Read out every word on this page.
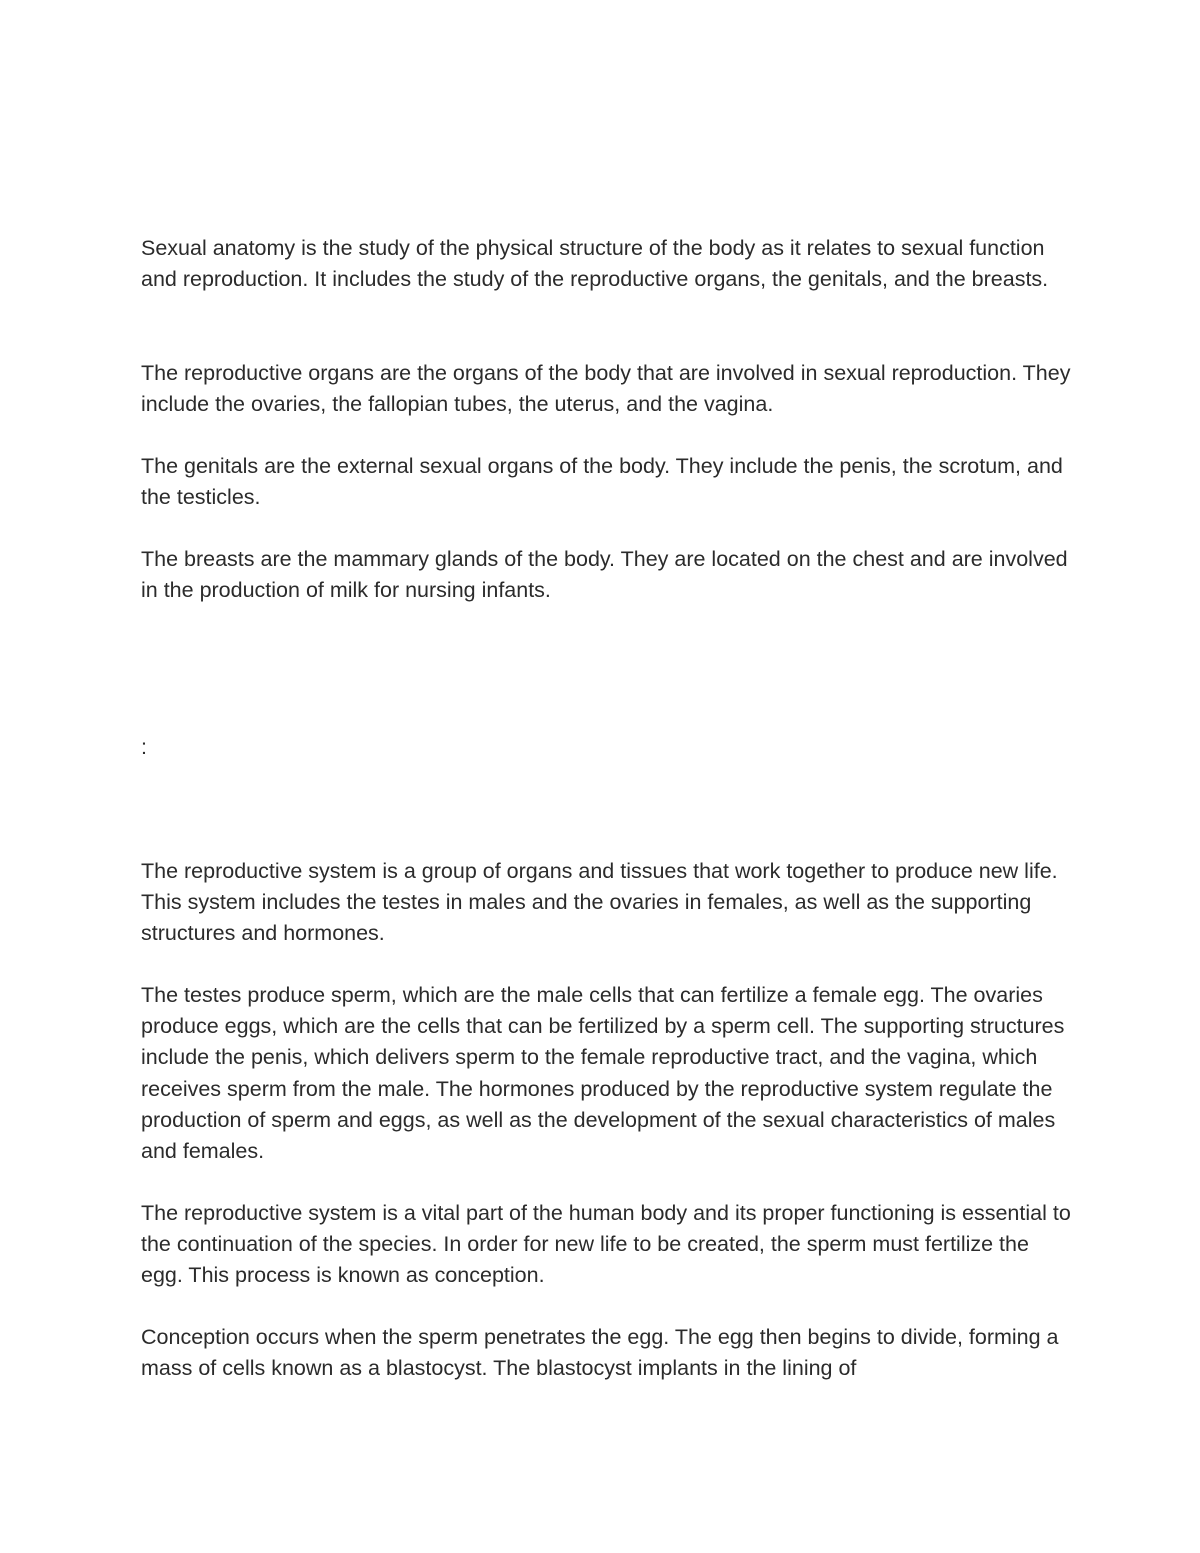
Sexual anatomy is the study of the physical structure of the body as it relates to sexual function and reproduction. It includes the study of the reproductive organs, the genitals, and the breasts.

The reproductive organs are the organs of the body that are involved in sexual reproduction. They include the ovaries, the fallopian tubes, the uterus, and the vagina.

The genitals are the external sexual organs of the body. They include the penis, the scrotum, and the testicles.

The breasts are the mammary glands of the body. They are located on the chest and are involved in the production of milk for nursing infants.

:

The reproductive system is a group of organs and tissues that work together to produce new life. This system includes the testes in males and the ovaries in females, as well as the supporting structures and hormones.

The testes produce sperm, which are the male cells that can fertilize a female egg. The ovaries produce eggs, which are the cells that can be fertilized by a sperm cell. The supporting structures include the penis, which delivers sperm to the female reproductive tract, and the vagina, which receives sperm from the male. The hormones produced by the reproductive system regulate the production of sperm and eggs, as well as the development of the sexual characteristics of males and females.

The reproductive system is a vital part of the human body and its proper functioning is essential to the continuation of the species. In order for new life to be created, the sperm must fertilize the egg. This process is known as conception.

Conception occurs when the sperm penetrates the egg. The egg then begins to divide, forming a mass of cells known as a blastocyst. The blastocyst implants in the lining of
